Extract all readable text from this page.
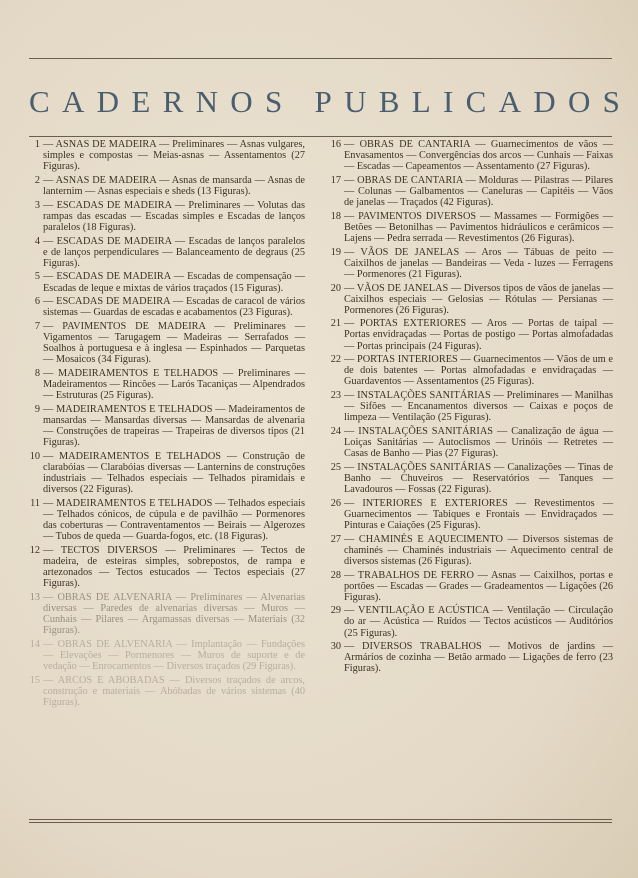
CADERNOS PUBLICADOS
1 — ASNAS DE MADEIRA — Preliminares — Asnas vulgares, simples e compostas — Meias-asnas — Assentamentos (27 Figuras).
2 — ASNAS DE MADEIRA — Asnas de mansarda — Asnas de lanternim — Asnas especiais e sheds (13 Figuras).
3 — ESCADAS DE MADEIRA — Preliminares — Volutas das rampas das escadas — Escadas simples e Escadas de lanços paralelos (18 Figuras).
4 — ESCADAS DE MADEIRA — Escadas de lanços paralelos e de lanços perpendiculares — Balanceamento de degraus (25 Figuras).
5 — ESCADAS DE MADEIRA — Escadas de compensação — Escadas de leque e mixtas de vários traçados (15 Figuras).
6 — ESCADAS DE MADEIRA — Escadas de caracol de vários sistemas — Guardas de escadas e acabamentos (23 Figuras).
7 — PAVIMENTOS DE MADEIRA — Preliminares — Vigamentos — Tarugagem — Madeiras — Serrafados — Soalhos à portuguesa e à inglesa — Espinhados — Parquetas — Mosaicos (34 Figuras).
8 — MADEIRAMENTOS E TELHADOS — Preliminares — Madeiramentos — Rincões — Larós Tacaniças — Alpendrados — Estruturas (25 Figuras).
9 — MADEIRAMENTOS E TELHADOS — Madeiramentos de mansardas — Mansardas diversas — Mansardas de alvenaria — Construções de trapeiras — Trapeiras de diversos tipos (21 Figuras).
10 — MADEIRAMENTOS E TELHADOS — Construção de clarabóias — Clarabóias diversas — Lanternins de construções industriais — Telhados especiais — Telhados piramidais e diversos (22 Figuras).
11 — MADEIRAMENTOS E TELHADOS — Telhados especiais — Telhados cónicos, de cúpula e de pavilhão — Pormenores das coberturas — Contraventamentos — Beirais — Algerozes — Tubos de queda — Guarda-fogos, etc. (18 Figuras).
12 — TECTOS DIVERSOS — Preliminares — Tectos de madeira, de esteiras simples, sobrepostos, de rampa e artezonados — Tectos estucados — Tectos especiais (27 Figuras).
13 — OBRAS DE ALVENARIA — Preliminares — Alvenarias diversas — Paredes de alvenarias diversas — Muros — Cunhais — Pilares — Argamassas diversas — Materiais (32 Figuras).
14 — OBRAS DE ALVENARIA — Implantação — Fundações — Elevações — Pormenores — Muros de suporte e de vedação — Enrocamentos — Diversos traçados (29 Figuras).
15 — ARCOS E ABOBADAS — Diversos traçados de arcos, construção e materiais — Abóbadas de vários sistemas (40 Figuras).
16 — OBRAS DE CANTARIA — Guarnecimentos de vãos — Envasamentos — Convergências dos arcos — Cunhais — Faixas — Escadas — Capeamentos — Assentamento (27 Figuras).
17 — OBRAS DE CANTARIA — Molduras — Pilastras — Pilares — Colunas — Galbamentos — Caneluras — Capitéis — Vãos de janelas — Traçados (42 Figuras).
18 — PAVIMENTOS DIVERSOS — Massames — Formigões — Betões — Betonilhas — Pavimentos hidráulicos e cerâmicos — Lajens — Pedra serrada — Revestimentos (26 Figuras).
19 — VÃOS DE JANELAS — Aros — Tábuas de peito — Caixilhos de janelas — Bandeiras — Veda - luzes — Ferragens — Pormenores (21 Figuras).
20 — VÃOS DE JANELAS — Diversos tipos de vãos de janelas — Caixilhos especiais — Gelosias — Rótulas — Persianas — Pormenores (26 Figuras).
21 — PORTAS EXTERIORES — Aros — Portas de taipal — Portas envidraçadas — Portas de postigo — Portas almofadadas — Portas principais (24 Figuras).
22 — PORTAS INTERIORES — Guarnecimentos — Vãos de um e de dois batentes — Portas almofadadas e envidraçadas — Guardaventos — Assentamentos (25 Figuras).
23 — INSTALAÇÕES SANITÁRIAS — Preliminares — Manilhas — Sifões — Encanamentos diversos — Caixas e poços de limpeza — Ventilação (25 Figuras).
24 — INSTALAÇÕES SANITÁRIAS — Canalização de água — Loiças Sanitárias — Autoclismos — Urinóis — Retretes — Casas de Banho — Pias (27 Figuras).
25 — INSTALAÇÕES SANITÁRIAS — Canalizações — Tinas de Banho — Chuveiros — Reservatórios — Tanques — Lavadouros — Fossas (22 Figuras).
26 — INTERIORES E EXTERIORES — Revestimentos — Guarnecimentos — Tabiques e Frontais — Envidraçados — Pinturas e Caiações (25 Figuras).
27 — CHAMINÉS E AQUECIMENTO — Diversos sistemas de chaminés — Chaminés industriais — Aquecimento central de diversos sistemas (26 Figuras).
28 — TRABALHOS DE FERRO — Asnas — Caixilhos, portas e portões — Escadas — Grades — Gradeamentos — Ligações (26 Figuras).
29 — VENTILAÇÃO E ACÚSTICA — Ventilação — Circulação do ar — Acústica — Ruídos — Tectos acústicos — Auditórios (25 Figuras).
30 — DIVERSOS TRABALHOS — Motivos de jardins — Armários de cozinha — Betão armado — Ligações de ferro (23 Figuras).
